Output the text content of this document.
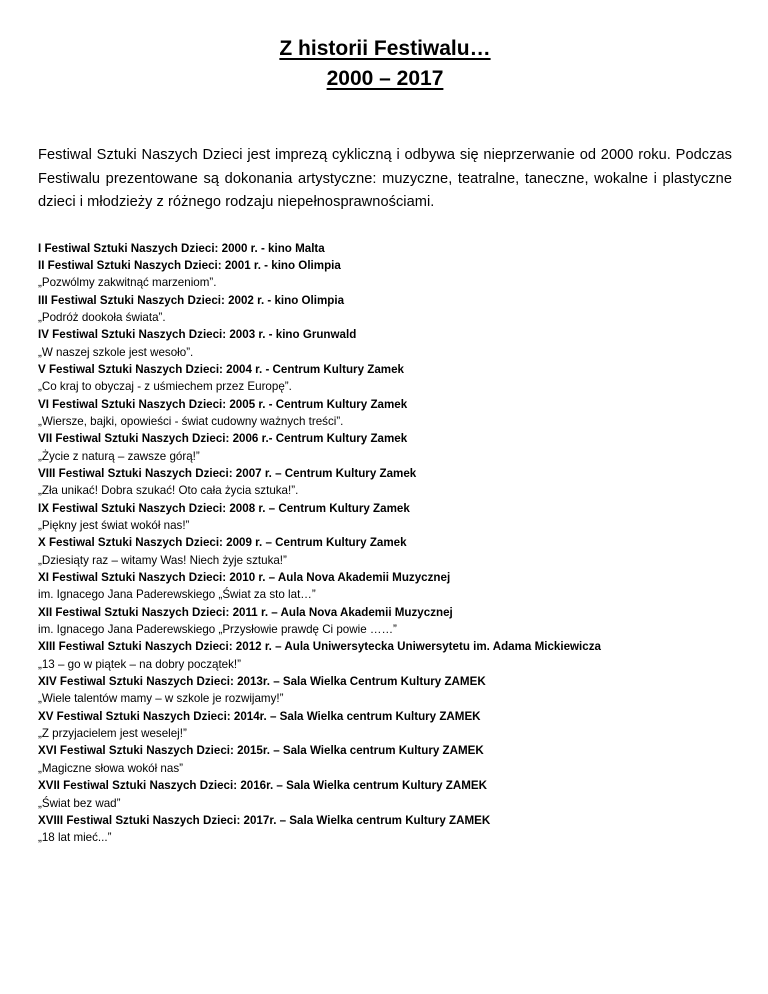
Z historii Festiwalu…
2000 – 2017

Festiwal Sztuki Naszych Dzieci jest imprezą cykliczną i odbywa się nieprzerwanie od 2000 roku. Podczas Festiwalu prezentowane są dokonania artystyczne: muzyczne, teatralne, taneczne, wokalne i plastyczne dzieci i młodzieży z różnego rodzaju niepełnosprawnościami.

I Festiwal Sztuki Naszych Dzieci: 2000 r. - kino Malta
II Festiwal Sztuki Naszych Dzieci: 2001 r. - kino Olimpia
„Pozwólmy zakwitnąć marzeniom”.
III Festiwal Sztuki Naszych Dzieci: 2002 r. - kino Olimpia
„Podróż dookoła świata”.
IV Festiwal Sztuki Naszych Dzieci: 2003 r. - kino Grunwald
„W naszej szkole jest wesoło”.
V Festiwal Sztuki Naszych Dzieci: 2004 r. - Centrum Kultury Zamek
„Co kraj to obyczaj - z uśmiechem przez Europę”.
VI Festiwal Sztuki Naszych Dzieci: 2005 r. - Centrum Kultury Zamek
„Wiersze, bajki, opowieści - świat cudowny ważnych treści”.
VII Festiwal Sztuki Naszych Dzieci: 2006 r.- Centrum Kultury Zamek
„Życie z naturą – zawsze górą!”
VIII Festiwal Sztuki Naszych Dzieci: 2007 r. – Centrum Kultury Zamek
„Zła unikać! Dobra szukać! Oto cała życia sztuka!”.
IX Festiwal Sztuki Naszych Dzieci: 2008 r. – Centrum Kultury Zamek
„Piękny jest świat wokół nas!”
X Festiwal Sztuki Naszych Dzieci: 2009 r. – Centrum Kultury Zamek
„Dziesiąty raz – witamy Was! Niech żyje sztuka!”
XI Festiwal Sztuki Naszych Dzieci: 2010 r. – Aula Nova Akademii Muzycznej
im. Ignacego Jana Paderewskiego „Świat za sto lat…”
XII Festiwal Sztuki Naszych Dzieci: 2011 r. – Aula Nova Akademii Muzycznej
im. Ignacego Jana Paderewskiego „Przysłowie prawdę Ci powie ……”
XIII Festiwal Sztuki Naszych Dzieci: 2012 r. – Aula Uniwersytecka Uniwersytetu im. Adama Mickiewicza
„13 – go w piątek – na dobry początek!”
XIV Festiwal Sztuki Naszych Dzieci: 2013r. – Sala Wielka Centrum Kultury ZAMEK
„Wiele talentów mamy – w szkole je rozwijamy!”
XV Festiwal Sztuki Naszych Dzieci: 2014r. – Sala Wielka centrum Kultury ZAMEK
„Z przyjacielem jest weselej!”
XVI Festiwal Sztuki Naszych Dzieci: 2015r. – Sala Wielka centrum Kultury ZAMEK
„Magiczne słowa wokół nas”
XVII Festiwal Sztuki Naszych Dzieci: 2016r. – Sala Wielka centrum Kultury ZAMEK
„Świat bez wad”
XVIII Festiwal Sztuki Naszych Dzieci: 2017r. – Sala Wielka centrum Kultury ZAMEK
„18 lat mieć...”
